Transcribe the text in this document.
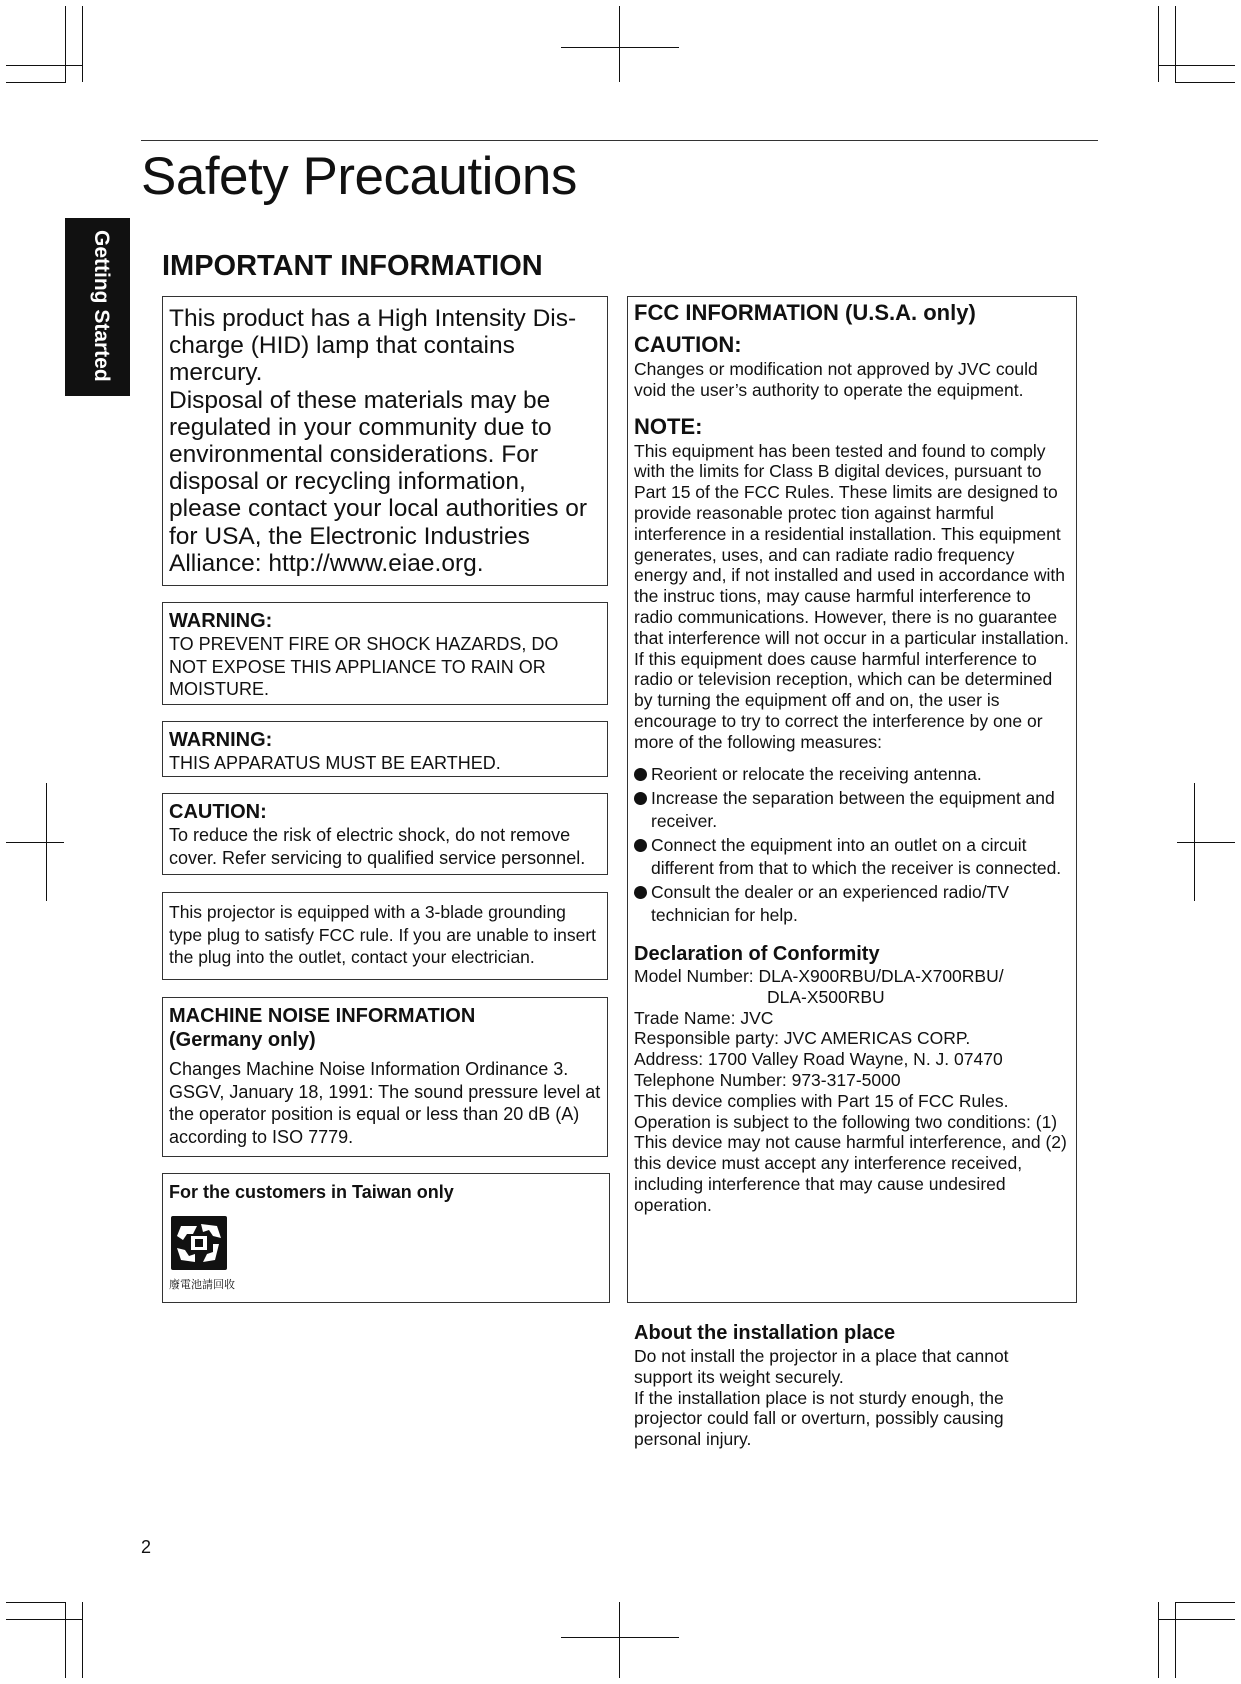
Safety Precautions
Getting Started IMPORTANT INFORMATION
This product has a High Intensity Dis-charge (HID) lamp that contains mercury.
Disposal of these materials may be regulated in your community due to environmental considerations. For disposal or recycling information, please contact your local authorities or for USA, the Electronic Industries Alliance: http://www.eiae.org.
WARNING:
TO PREVENT FIRE OR SHOCK HAZARDS, DO NOT EXPOSE THIS APPLIANCE TO RAIN OR MOISTURE.
WARNING:
THIS APPARATUS MUST BE EARTHED.
CAUTION:
To reduce the risk of electric shock, do not remove cover. Refer servicing to qualified service personnel.
This projector is equipped with a 3-blade grounding type plug to satisfy FCC rule. If you are unable to insert the plug into the outlet, contact your electrician.
MACHINE NOISE INFORMATION
(Germany only)
Changes Machine Noise Information Ordinance 3. GSGV, January 18, 1991: The sound pressure level at the operator position is equal or less than 20 dB (A) according to ISO 7779.
For the customers in Taiwan only
廢電池請回收
FCC INFORMATION (U.S.A. only)
CAUTION:
Changes or modification not approved by JVC could void the user’s authority to operate the equipment.
NOTE:
This equipment has been tested and found to comply with the limits for Class B digital devices, pursuant to Part 15 of the FCC Rules. These limits are designed to provide reasonable protec tion against harmful interference in a residential installation. This equipment generates, uses, and can radiate radio frequency energy and, if not installed and used in accordance with the instruc tions, may cause harmful interference to radio communications. However, there is no guarantee that interference will not occur in a particular installation. If this equipment does cause harmful interference to radio or television reception, which can be determined by turning the equipment off and on, the user is encourage to try to correct the interference by one or more of the following measures:
Reorient or relocate the receiving antenna.
Increase the separation between the equipment and receiver.
Connect the equipment into an outlet on a circuit different from that to which the receiver is connected.
Consult the dealer or an experienced radio/TV technician for help.
Declaration of Conformity
Model Number: DLA-X900RBU/DLA-X700RBU/
DLA-X500RBU
Trade Name: JVC
Responsible party: JVC AMERICAS CORP.
Address: 1700 Valley Road Wayne, N. J. 07470
Telephone Number: 973-317-5000
This device complies with Part 15 of FCC Rules. Operation is subject to the following two conditions: (1) This device may not cause harmful interference, and (2) this device must accept any interference received, including interference that may cause undesired operation.
About the installation place
Do not install the projector in a place that cannot support its weight securely.
If the installation place is not sturdy enough, the projector could fall or overturn, possibly causing personal injury.
2
